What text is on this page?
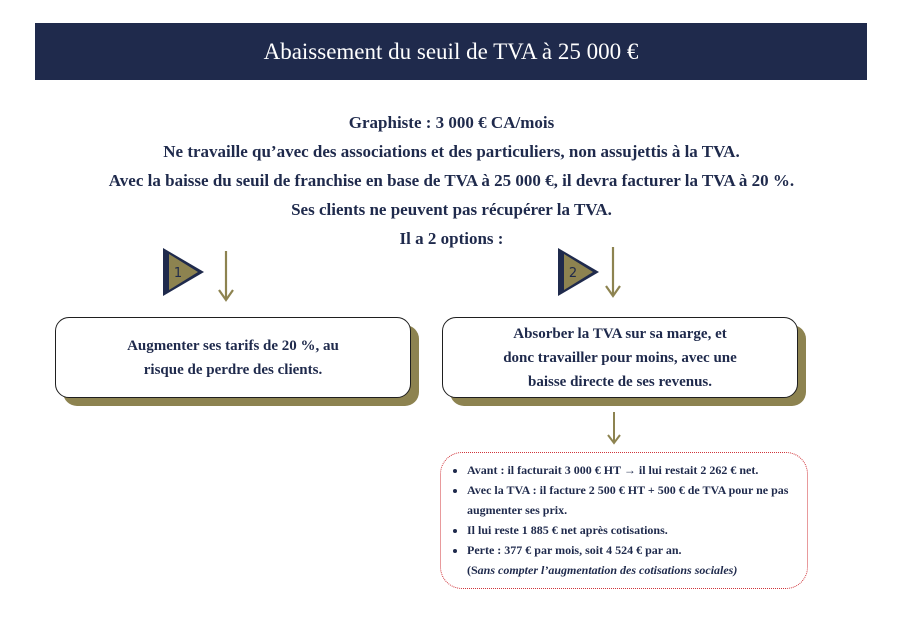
Abaissement du seuil de TVA à 25 000 €
Graphiste : 3 000 € CA/mois
Ne travaille qu’avec des associations et des particuliers, non assujettis à la TVA.
Avec la baisse du seuil de franchise en base de TVA à 25 000 €, il devra facturer la TVA à 20 %.
Ses clients ne peuvent pas récupérer la TVA.
Il a 2 options :
1	2
Augmenter ses tarifs de 20 %, au
risque de perdre des clients.
Absorber la TVA sur sa marge, et
donc travailler pour moins, avec une
baisse directe de ses revenus.
• Avant : il facturait 3 000 € HT → il lui restait 2 262 € net.
• Avec la TVA : il facture 2 500 € HT + 500 € de TVA pour ne pas augmenter ses prix.
• Il lui reste 1 885 € net après cotisations.
• Perte : 377 € par mois, soit 4 524 € par an.
(Sans compter l’augmentation des cotisations sociales)
